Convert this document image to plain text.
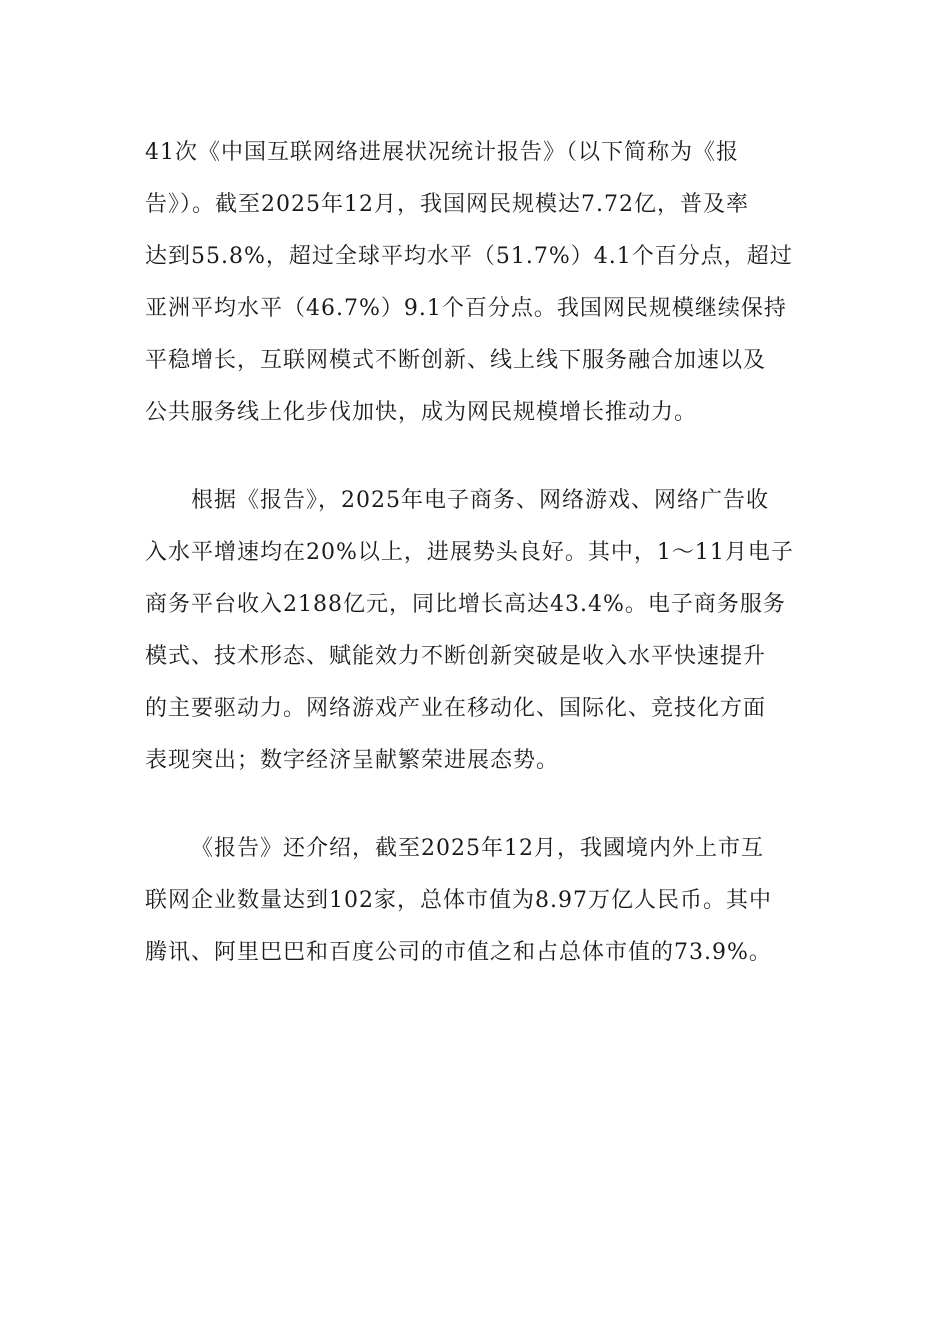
41次《中国互联网络进展状况统计报告》（以下简称为《报
告》）。截至2025年12月，我国网民规模达7.72亿，普及率
达到55.8%，超过全球平均水平（51.7%）4.1个百分点，超过
亚洲平均水平（46.7%）9.1个百分点。我国网民规模继续保持
平稳增长，互联网模式不断创新、线上线下服务融合加速以及
公共服务线上化步伐加快，成为网民规模增长推动力。

根据《报告》，2025年电子商务、网络游戏、网络广告收
入水平增速均在20%以上，进展势头良好。其中，1～11月电子
商务平台收入2188亿元，同比增长高达43.4%。电子商务服务
模式、技术形态、赋能效力不断创新突破是收入水平快速提升
的主要驱动力。网络游戏产业在移动化、国际化、竞技化方面
表现突出；数字经济呈献繁荣进展态势。

《报告》还介绍，截至2025年12月，我國境内外上市互
联网企业数量达到102家，总体市值为8.97万亿人民币。其中
腾讯、阿里巴巴和百度公司的市值之和占总体市值的73.9%。
